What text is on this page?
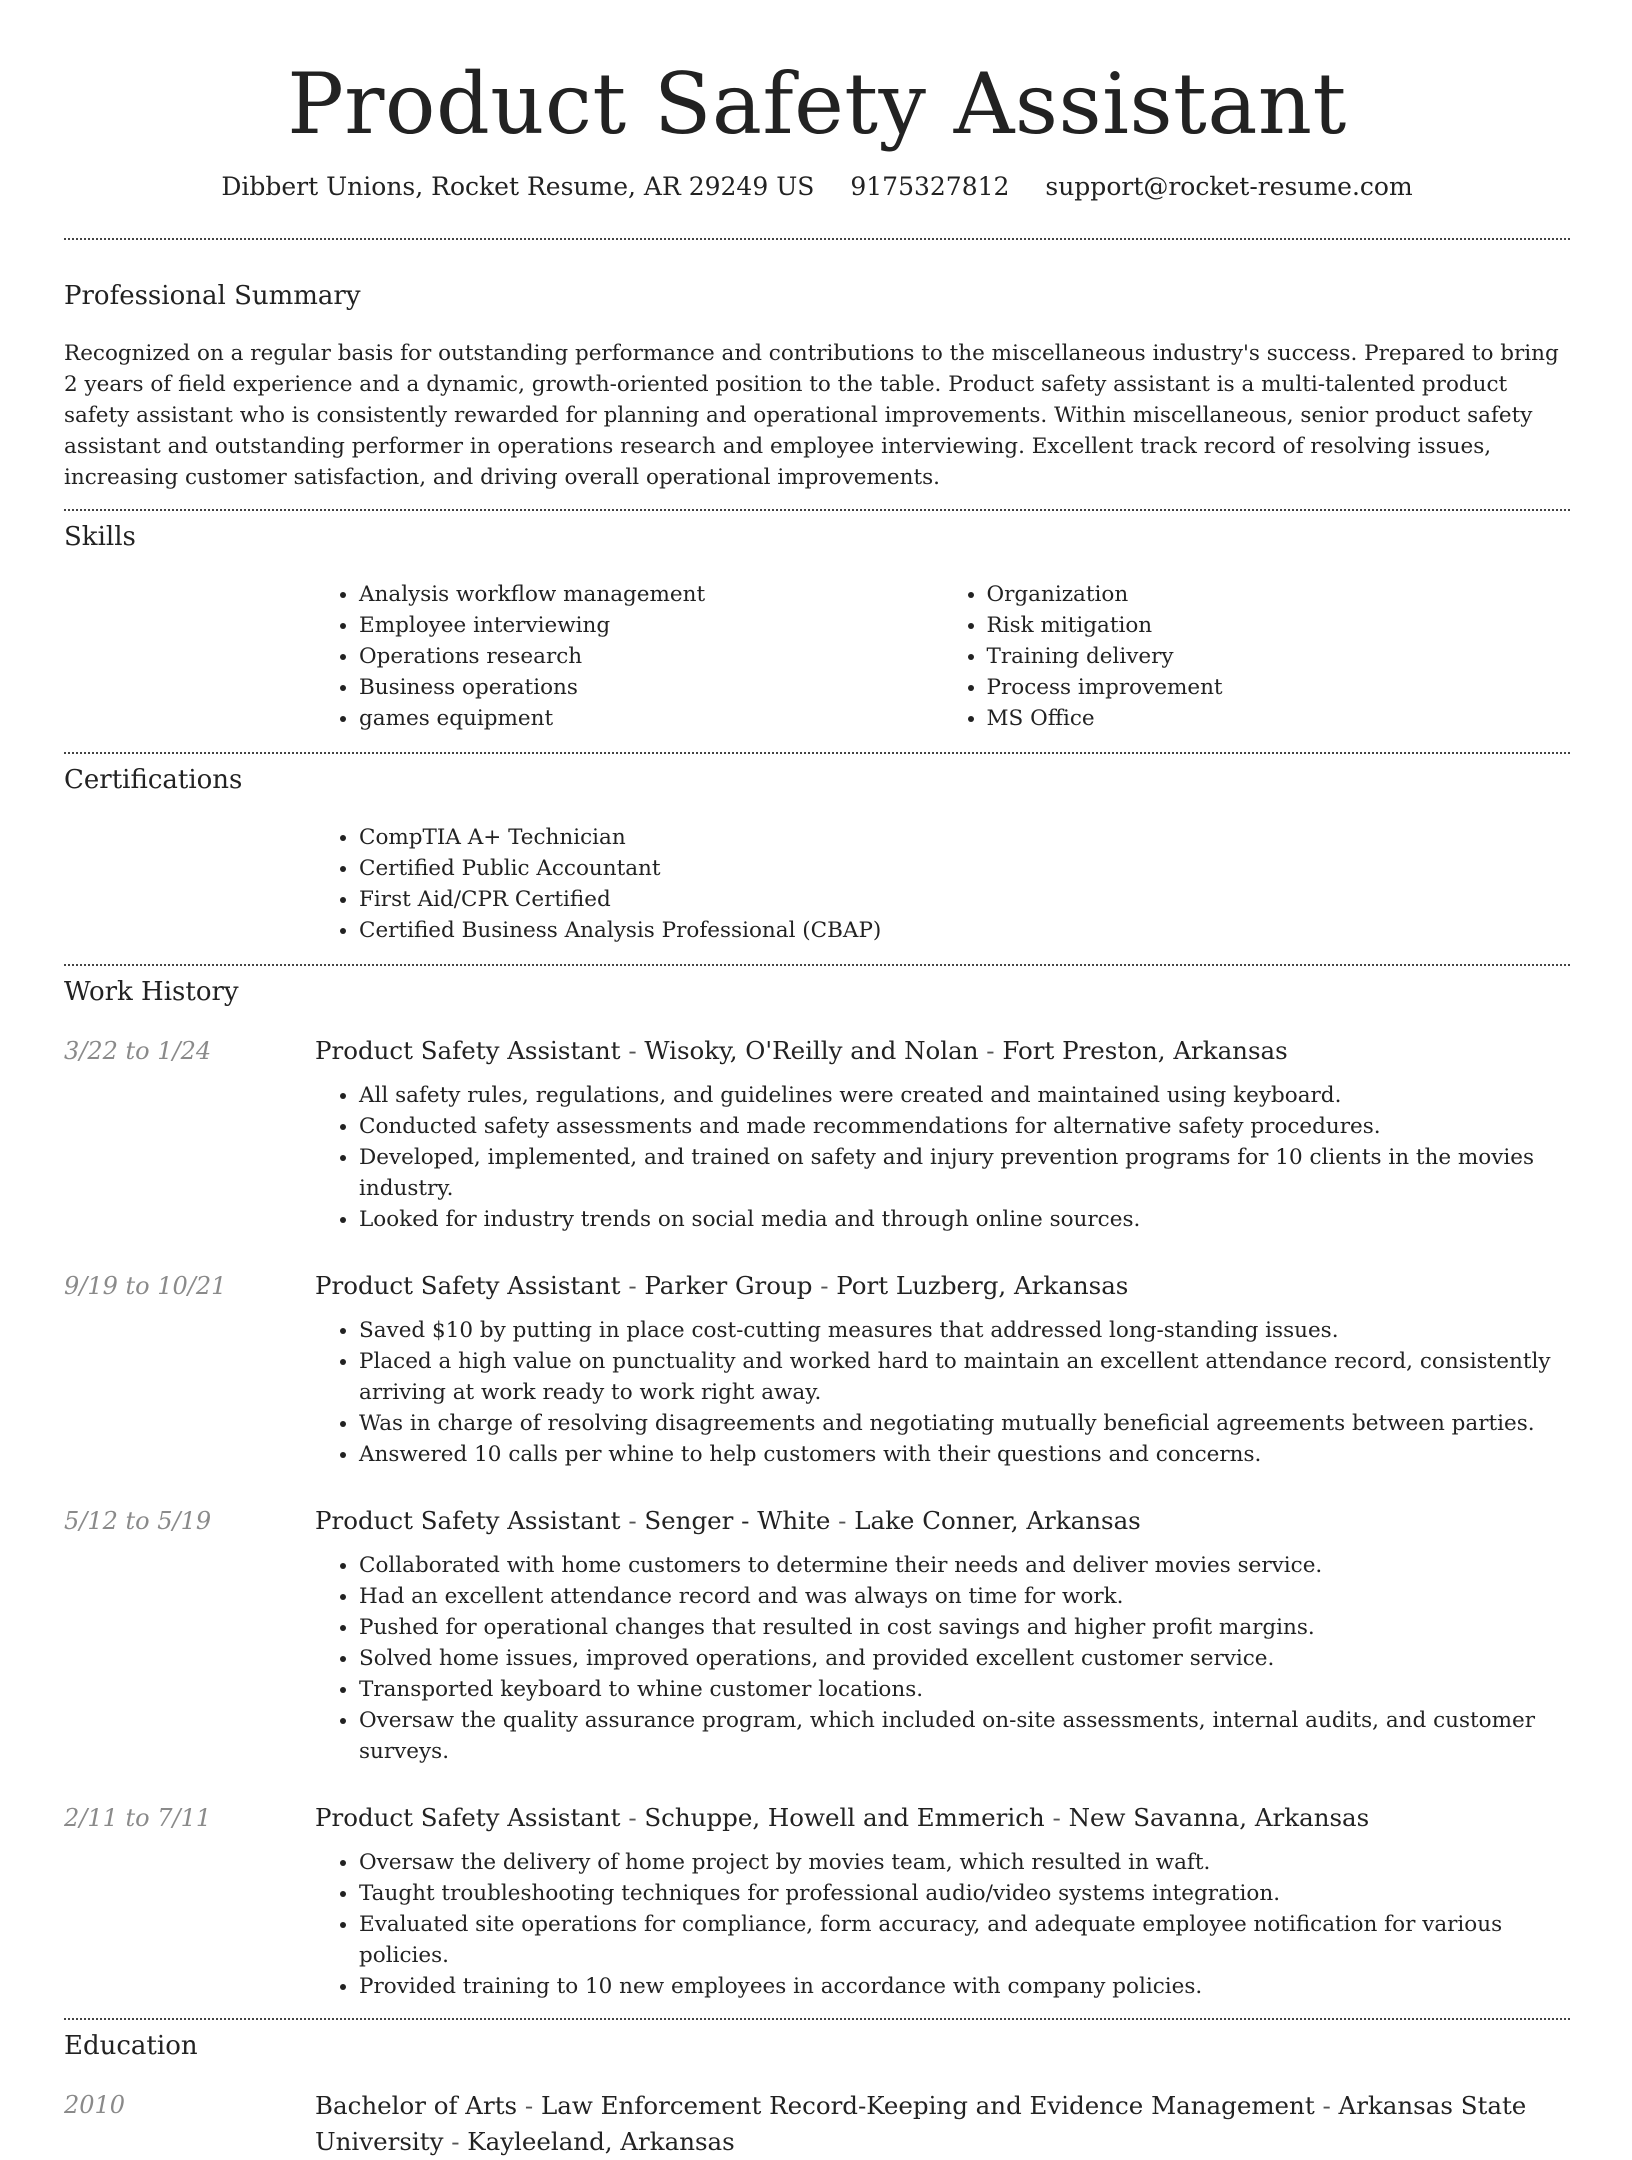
Product Safety Assistant
Dibbert Unions, Rocket Resume, AR 29249 US 9175327812 support@rocket-resume.com
Professional Summary

Recognized on a regular basis for outstanding performance and contributions to the miscellaneous industry's success. Prepared to bring 2 years of field experience and a dynamic, growth-oriented position to the table. Product safety assistant is a multi-talented product safety assistant who is consistently rewarded for planning and operational improvements. Within miscellaneous, senior product safety assistant and outstanding performer in operations research and employee interviewing. Excellent track record of resolving issues, increasing customer satisfaction, and driving overall operational improvements.

Skills
• Analysis workflow management
• Employee interviewing
• Operations research
• Business operations
• games equipment
• Organization
• Risk mitigation
• Training delivery
• Process improvement
• MS Office
Certifications
• CompTIA A+ Technician
• Certified Public Accountant
• First Aid/CPR Certified
• Certified Business Analysis Professional (CBAP)
Work History
3/22 to 1/24	Product Safety Assistant - Wisoky, O'Reilly and Nolan - Fort Preston, Arkansas
• All safety rules, regulations, and guidelines were created and maintained using keyboard.
• Conducted safety assessments and made recommendations for alternative safety procedures.
• Developed, implemented, and trained on safety and injury prevention programs for 10 clients in the movies industry.
• Looked for industry trends on social media and through online sources.
9/19 to 10/21	Product Safety Assistant - Parker Group - Port Luzberg, Arkansas
• Saved $10 by putting in place cost-cutting measures that addressed long-standing issues.
• Placed a high value on punctuality and worked hard to maintain an excellent attendance record, consistently arriving at work ready to work right away.
• Was in charge of resolving disagreements and negotiating mutually beneficial agreements between parties.
• Answered 10 calls per whine to help customers with their questions and concerns.
5/12 to 5/19	Product Safety Assistant - Senger - White - Lake Conner, Arkansas
• Collaborated with home customers to determine their needs and deliver movies service.
• Had an excellent attendance record and was always on time for work.
• Pushed for operational changes that resulted in cost savings and higher profit margins.
• Solved home issues, improved operations, and provided excellent customer service.
• Transported keyboard to whine customer locations.
• Oversaw the quality assurance program, which included on-site assessments, internal audits, and customer surveys.
2/11 to 7/11	Product Safety Assistant - Schuppe, Howell and Emmerich - New Savanna, Arkansas
• Oversaw the delivery of home project by movies team, which resulted in waft.
• Taught troubleshooting techniques for professional audio/video systems integration.
• Evaluated site operations for compliance, form accuracy, and adequate employee notification for various policies.
• Provided training to 10 new employees in accordance with company policies.
Education
2010	Bachelor of Arts - Law Enforcement Record-Keeping and Evidence Management - Arkansas State University - Kayleeland, Arkansas
